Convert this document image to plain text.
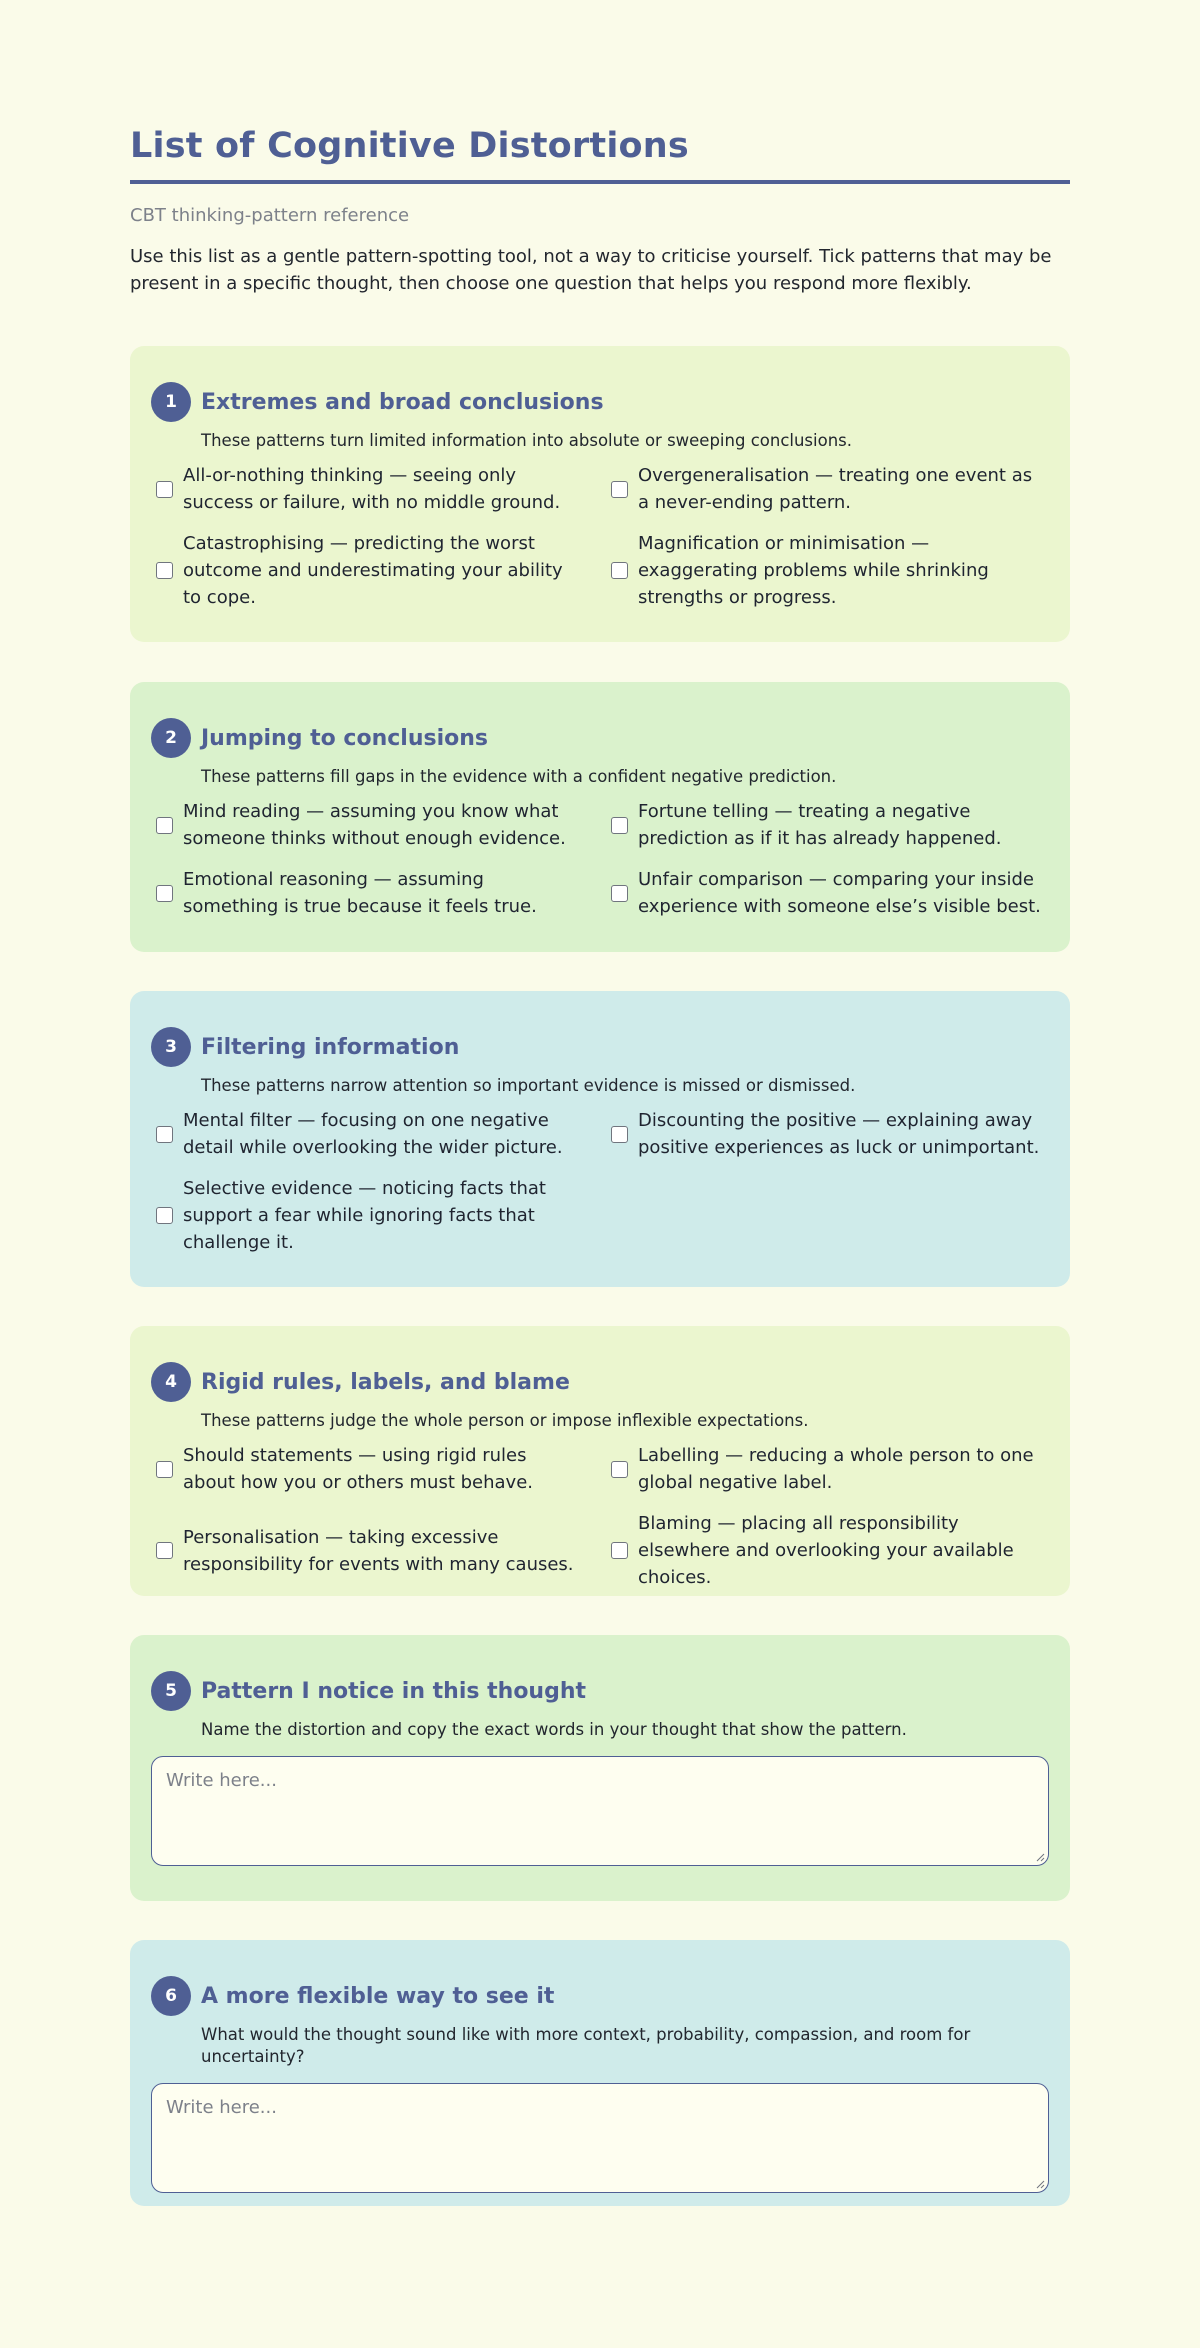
List of Cognitive Distortions

CBT thinking-pattern reference

Use this list as a gentle pattern-spotting tool, not a way to criticise yourself. Tick patterns that may be present in a specific thought, then choose one question that helps you respond more flexibly.

1	Extremes and broad conclusions

These patterns turn limited information into absolute or sweeping conclusions.

All-or-nothing thinking — seeing only success or failure, with no middle ground.
Overgeneralisation — treating one event as a never-ending pattern.
Catastrophising — predicting the worst outcome and underestimating your ability to cope.
Magnification or minimisation — exaggerating problems while shrinking strengths or progress.
2	Jumping to conclusions

These patterns fill gaps in the evidence with a confident negative prediction.

Mind reading — assuming you know what someone thinks without enough evidence.
Fortune telling — treating a negative prediction as if it has already happened.
Emotional reasoning — assuming something is true because it feels true.
Unfair comparison — comparing your inside experience with someone else’s visible best.
3	Filtering information

These patterns narrow attention so important evidence is missed or dismissed.

Mental filter — focusing on one negative detail while overlooking the wider picture.
Discounting the positive — explaining away positive experiences as luck or unimportant.
Selective evidence — noticing facts that support a fear while ignoring facts that challenge it.
4	Rigid rules, labels, and blame

These patterns judge the whole person or impose inflexible expectations.

Should statements — using rigid rules about how you or others must behave.
Labelling — reducing a whole person to one global negative label.
Personalisation — taking excessive responsibility for events with many causes.
Blaming — placing all responsibility elsewhere and overlooking your available choices.
5	Pattern I notice in this thought

Name the distortion and copy the exact words in your thought that show the pattern.

Write here...
6	A more flexible way to see it

What would the thought sound like with more context, probability, compassion, and room for uncertainty?

Write here...
